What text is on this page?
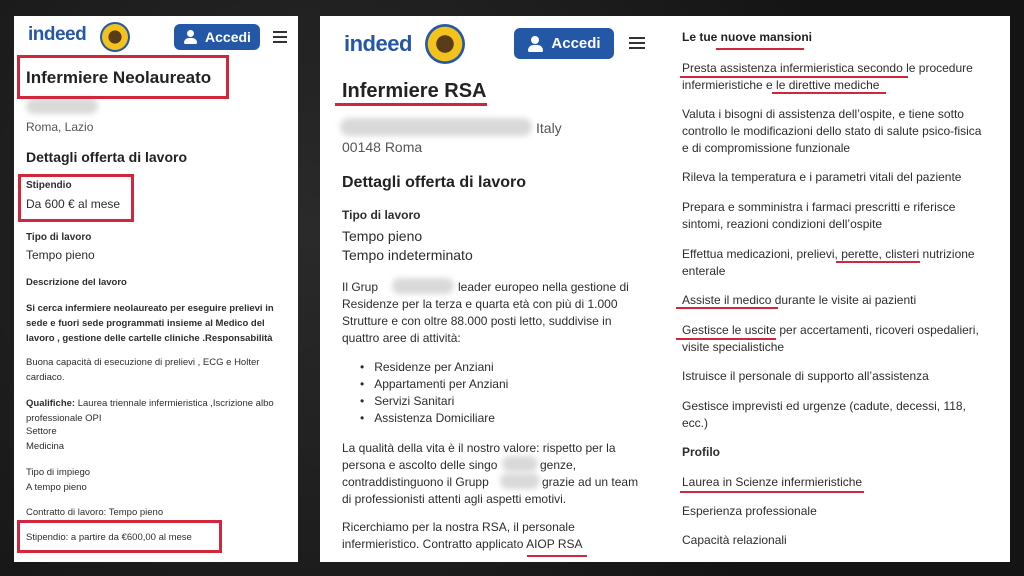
indeed	Accedi
Infermiere Neolaureato
Roma, Lazio
Dettagli offerta di lavoro
Stipendio
Da 600 € al mese
Tipo di lavoro
Tempo pieno
Descrizione del lavoro
Si cerca infermiere neolaureato per eseguire prelievi in sede e fuori sede programmati insieme al Medico del lavoro , gestione delle cartelle cliniche .Responsabilità
Buona capacità di esecuzione di prelievi , ECG e Holter cardiaco.
Qualifiche: Laurea triennale infermieristica ,Iscrizione albo professionale OPI
Settore
Medicina
Tipo di impiego
A tempo pieno
Contratto di lavoro: Tempo pieno
Stipendio: a partire da €600,00 al mese
indeed	Accedi
Infermiere RSA
Italy
00148 Roma
Dettagli offerta di lavoro
Tipo di lavoro
Tempo pieno
Tempo indeterminato
Il Grup	leader europeo nella gestione di
Residenze per la terza e quarta età con più di 1.000
Strutture e con oltre 88.000 posti letto, suddivise in
quattro aree di attività:
•   Residenze per Anziani
•   Appartamenti per Anziani
•   Servizi Sanitari
•   Assistenza Domiciliare
La qualità della vita è il nostro valore: rispetto per la
persona e ascolto delle singo	genze,
contraddistinguono il Grupp	grazie ad un team
di professionisti attenti agli aspetti emotivi.
Ricerchiamo per la nostra RSA, il personale
infermieristico. Contratto applicato AIOP RSA
Le tue nuove mansioni
Presta assistenza infermieristica secondo le procedure infermieristiche e le direttive mediche
Valuta i bisogni di assistenza dell’ospite, e tiene sotto controllo le modificazioni dello stato di salute psico-fisica e di compromissione funzionale
Rileva la temperatura e i parametri vitali del paziente
Prepara e somministra i farmaci prescritti e riferisce sintomi, reazioni condizioni dell’ospite
Effettua medicazioni, prelievi, perette, clisteri nutrizione enterale
Assiste il medico durante le visite ai pazienti
Gestisce le uscite per accertamenti, ricoveri ospedalieri, visite specialistiche
Istruisce il personale di supporto all’assistenza
Gestisce imprevisti ed urgenze (cadute, decessi, 118, ecc.)
Profilo
Laurea in Scienze infermieristiche
Esperienza professionale
Capacità relazionali
